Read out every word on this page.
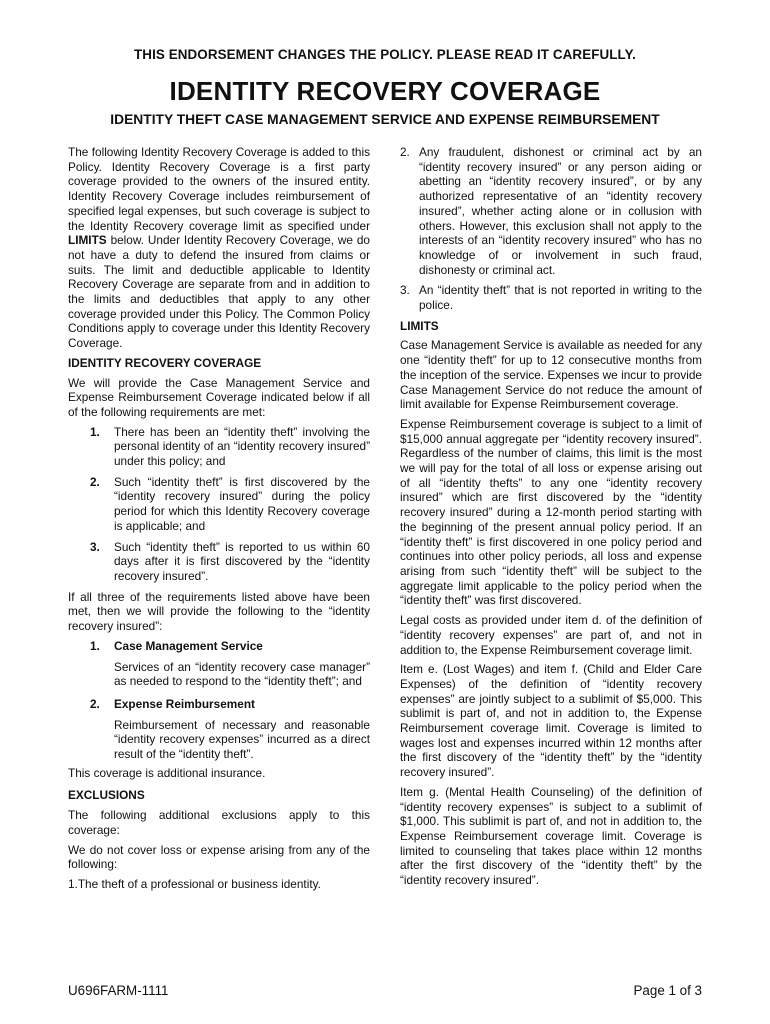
THIS ENDORSEMENT CHANGES THE POLICY. PLEASE READ IT CAREFULLY.
IDENTITY RECOVERY COVERAGE
IDENTITY THEFT CASE MANAGEMENT SERVICE AND EXPENSE REIMBURSEMENT

The following Identity Recovery Coverage is added to this Policy. Identity Recovery Coverage is a first party coverage provided to the owners of the insured entity. Identity Recovery Coverage includes reimbursement of specified legal expenses, but such coverage is subject to the Identity Recovery coverage limit as specified under LIMITS below. Under Identity Recovery Coverage, we do not have a duty to defend the insured from claims or suits. The limit and deductible applicable to Identity Recovery Coverage are separate from and in addition to the limits and deductibles that apply to any other coverage provided under this Policy. The Common Policy Conditions apply to coverage under this Identity Recovery Coverage.

IDENTITY RECOVERY COVERAGE

We will provide the Case Management Service and Expense Reimbursement Coverage indicated below if all of the following requirements are met:

1.	There has been an “identity theft” involving the personal identity of an “identity recovery insured” under this policy; and
2.	Such “identity theft” is first discovered by the “identity recovery insured” during the policy period for which this Identity Recovery coverage is applicable; and
3.	Such “identity theft” is reported to us within 60 days after it is first discovered by the “identity recovery insured”.

If all three of the requirements listed above have been met, then we will provide the following to the “identity recovery insured”:

1.	Case Management Service
Services of an “identity recovery case manager” as needed to respond to the “identity theft”; and
2.	Expense Reimbursement
Reimbursement of necessary and reasonable “identity recovery expenses” incurred as a direct result of the “identity theft”.

This coverage is additional insurance.

EXCLUSIONS

The following additional exclusions apply to this coverage:

We do not cover loss or expense arising from any of the following:

1.The theft of a professional or business identity.

2. Any fraudulent, dishonest or criminal act by an “identity recovery insured” or any person aiding or abetting an “identity recovery insured”, or by any authorized representative of an “identity recovery insured”, whether acting alone or in collusion with others. However, this exclusion shall not apply to the interests of an “identity recovery insured” who has no knowledge of or involvement in such fraud, dishonesty or criminal act.
3. An “identity theft” that is not reported in writing to the police.
LIMITS

Case Management Service is available as needed for any one “identity theft” for up to 12 consecutive months from the inception of the service. Expenses we incur to provide Case Management Service do not reduce the amount of limit available for Expense Reimbursement coverage.

Expense Reimbursement coverage is subject to a limit of $15,000 annual aggregate per “identity recovery insured”. Regardless of the number of claims, this limit is the most we will pay for the total of all loss or expense arising out of all “identity thefts” to any one “identity recovery insured” which are first discovered by the “identity recovery insured” during a 12-month period starting with the beginning of the present annual policy period. If an “identity theft” is first discovered in one policy period and continues into other policy periods, all loss and expense arising from such “identity theft” will be subject to the aggregate limit applicable to the policy period when the “identity theft” was first discovered.

Legal costs as provided under item d. of the definition of “identity recovery expenses” are part of, and not in addition to, the Expense Reimbursement coverage limit.

Item e. (Lost Wages) and item f. (Child and Elder Care Expenses) of the definition of “identity recovery expenses” are jointly subject to a sublimit of $5,000. This sublimit is part of, and not in addition to, the Expense Reimbursement coverage limit. Coverage is limited to wages lost and expenses incurred within 12 months after the first discovery of the “identity theft” by the “identity recovery insured”.

Item g. (Mental Health Counseling) of the definition of “identity recovery expenses” is subject to a sublimit of $1,000. This sublimit is part of, and not in addition to, the Expense Reimbursement coverage limit. Coverage is limited to counseling that takes place within 12 months after the first discovery of the “identity theft” by the “identity recovery insured”.

U696FARM-1111	Page 1 of 3
